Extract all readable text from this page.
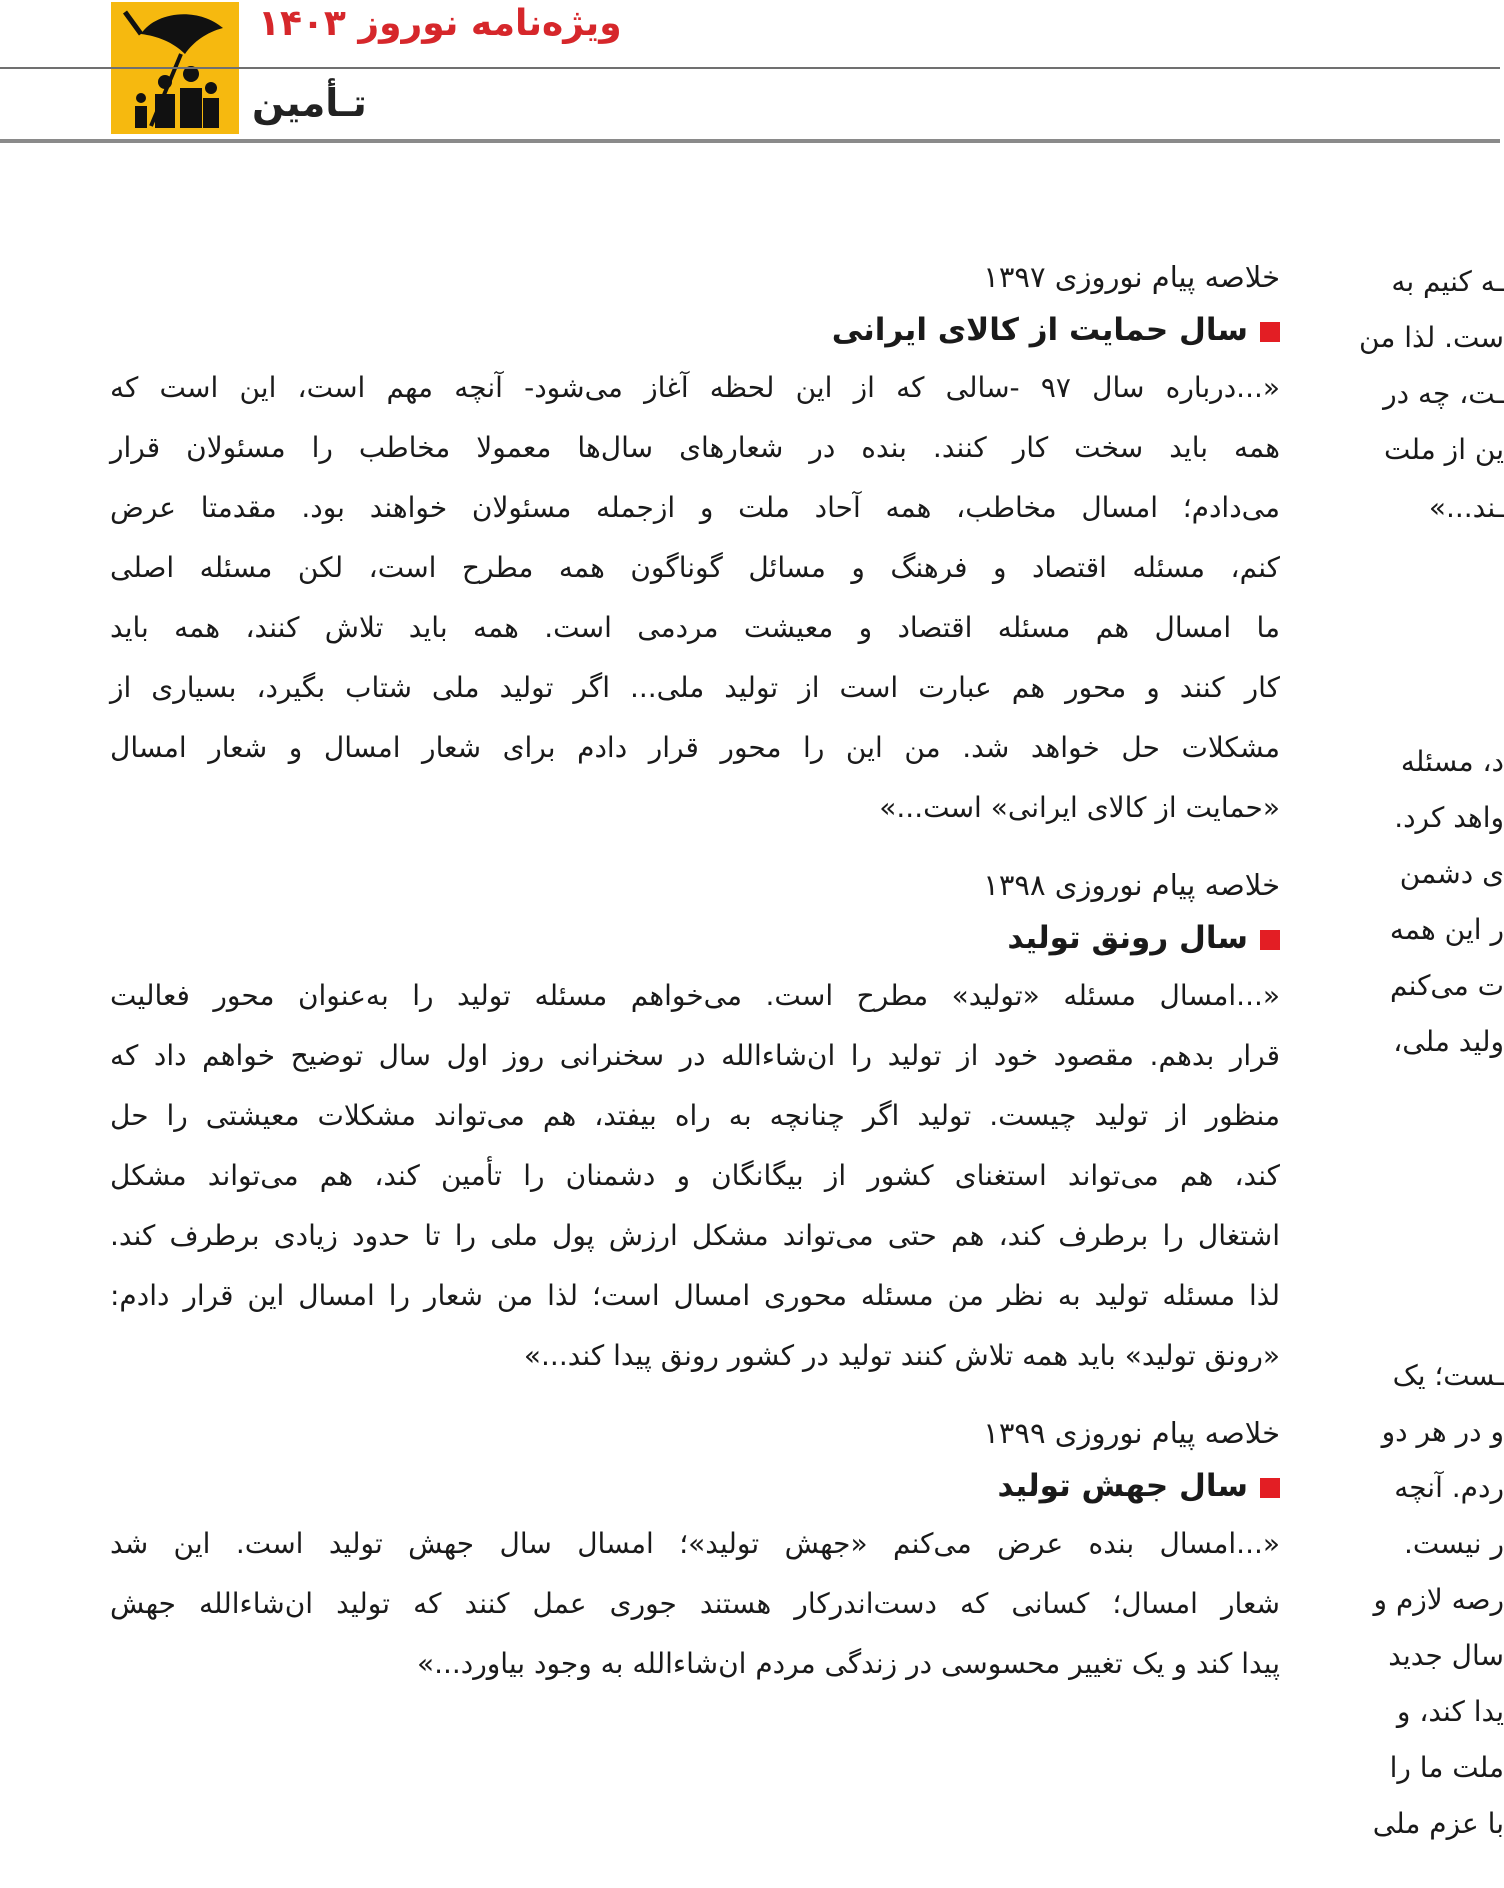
ویژه‌نامه نوروز ۱۴۰۳
تـأمین
خلاصه پیام نوروزی ۱۳۹۷
سال حمایت از کالای ایرانی

«...درباره سال ۹۷ -سالی که از این لحظه آغاز می‌شود- آنچه مهم است، این است که

همه باید سخت کار کنند. بنده در شعارهای سال‌ها معمولا مخاطب را مسئولان قرار

می‌دادم؛ امسال مخاطب، همه آحاد ملت و ازجمله مسئولان خواهند بود. مقدمتا عرض

کنم، مسئله اقتصاد و فرهنگ و مسائل گوناگون همه مطرح است، لکن مسئله اصلی

ما امسال هم مسئله اقتصاد و معیشت مردمی است. همه باید تلاش کنند، همه باید

کار کنند و محور هم عبارت است از تولید ملی... اگر تولید ملی شتاب بگیرد، بسیاری از

مشکلات حل خواهد شد. من این را محور قرار دادم برای شعار امسال و شعار امسال

«حمایت از کالای ایرانی» است...»

خلاصه پیام نوروزی ۱۳۹۸
سال رونق تولید

«...امسال مسئله «تولید» مطرح است. می‌خواهم مسئله تولید را به‌عنوان محور فعالیت

قرار بدهم. مقصود خود از تولید را ان‌شاءالله در سخنرانی روز اول سال توضیح خواهم داد که

منظور از تولید چیست. تولید اگر چنانچه به راه بیفتد، هم می‌تواند مشکلات معیشتی را حل

کند، هم می‌تواند استغنای کشور از بیگانگان و دشمنان را تأمین کند، هم می‌تواند مشکل

اشتغال را برطرف کند، هم حتی می‌تواند مشکل ارزش پول ملی را تا حدود زیادی برطرف کند.

لذا مسئله تولید به نظر من مسئله محوری امسال است؛ لذا من شعار را امسال این قرار دادم:

«رونق تولید» باید همه تلاش کنند تولید در کشور رونق پیدا کند...»

خلاصه پیام نوروزی ۱۳۹۹
سال جهش تولید

«...امسال بنده عرض می‌کنم «جهش تولید»؛ امسال سال جهش تولید است. این شد

شعار امسال؛ کسانی که دست‌اندرکار هستند جوری عمل کنند که تولید ان‌شاءالله جهش

پیدا کند و یک تغییر محسوسی در زندگی مردم ان‌شاءالله به وجود بیاورد...»

ـه کنیم به
ست. لذا من
ـت، چه در
ین از ملت
ـند...»
د، مسئله
واهد کرد.
ی دشمن
ر این همه
ت می‌کنم
ولید ملی،
ـست؛ یک
و در هر دو
ردم. آنچه
ر نیست.
رصه لازم و
سال جدید
یدا کند، و
ملت ما را
با عزم ملی
